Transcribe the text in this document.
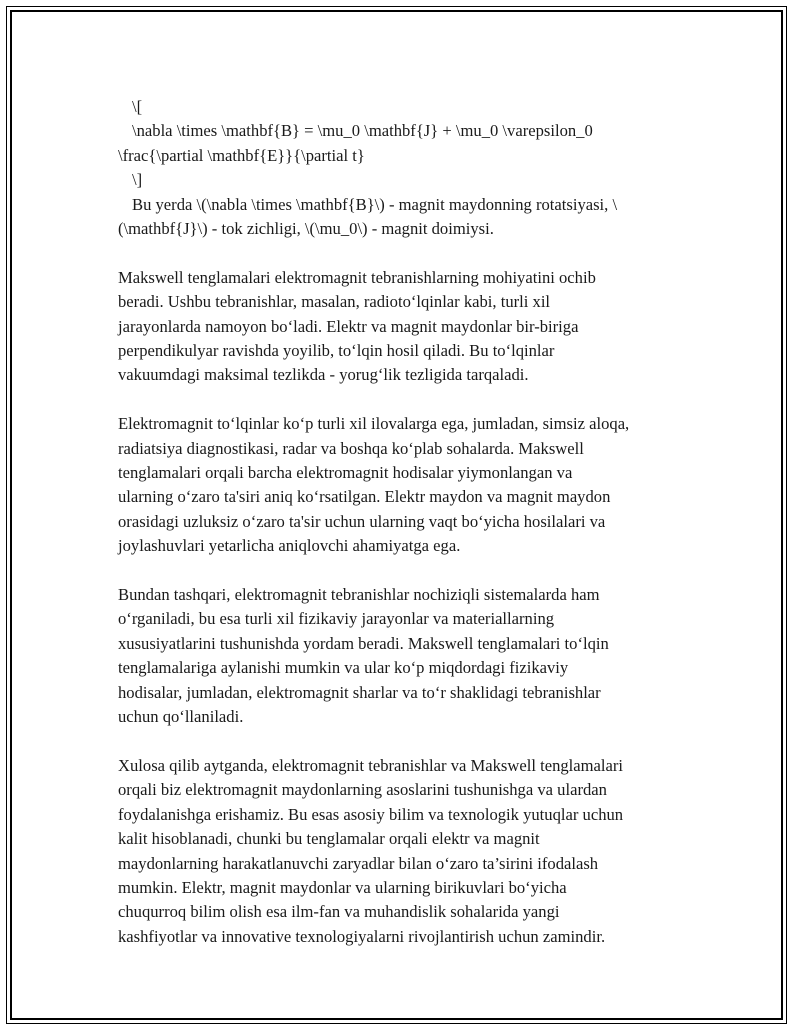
\[
\nabla \times \mathbf{B} = \mu_0 \mathbf{J} + \mu_0 \varepsilon_0
\frac{\partial \mathbf{E}}{\partial t}
\]
Bu yerda \(\nabla \times \mathbf{B}\) - magnit maydonning rotatsiyasi, \
(\mathbf{J}\) - tok zichligi, \(\mu_0\) - magnit doimiysi.
Makswell tenglamalari elektromagnit tebranishlarning mohiyatini ochib
beradi. Ushbu tebranishlar, masalan, radioto‘lqinlar kabi, turli xil
jarayonlarda namoyon bo‘ladi. Elektr va magnit maydonlar bir-biriga
perpendikulyar ravishda yoyilib, to‘lqin hosil qiladi. Bu to‘lqinlar
vakuumdagi maksimal tezlikda - yorug‘lik tezligida tarqaladi.
Elektromagnit to‘lqinlar ko‘p turli xil ilovalarga ega, jumladan, simsiz aloqa,
radiatsiya diagnostikasi, radar va boshqa ko‘plab sohalarda. Makswell
tenglamalari orqali barcha elektromagnit hodisalar yiymonlangan va
ularning o‘zaro ta'siri aniq ko‘rsatilgan. Elektr maydon va magnit maydon
orasidagi uzluksiz o‘zaro ta'sir uchun ularning vaqt bo‘yicha hosilalari va
joylashuvlari yetarlicha aniqlovchi ahamiyatga ega.
Bundan tashqari, elektromagnit tebranishlar nochiziqli sistemalarda ham
o‘rganiladi, bu esa turli xil fizikaviy jarayonlar va materiallarning
xususiyatlarini tushunishda yordam beradi. Makswell tenglamalari to‘lqin
tenglamalariga aylanishi mumkin va ular ko‘p miqdordagi fizikaviy
hodisalar, jumladan, elektromagnit sharlar va to‘r shaklidagi tebranishlar
uchun qo‘llaniladi.
Xulosa qilib aytganda, elektromagnit tebranishlar va Makswell tenglamalari
orqali biz elektromagnit maydonlarning asoslarini tushunishga va ulardan
foydalanishga erishamiz. Bu esas asosiy bilim va texnologik yutuqlar uchun
kalit hisoblanadi, chunki bu tenglamalar orqali elektr va magnit
maydonlarning harakatlanuvchi zaryadlar bilan o‘zaro ta’sirini ifodalash
mumkin. Elektr, magnit maydonlar va ularning birikuvlari bo‘yicha
chuqurroq bilim olish esa ilm-fan va muhandislik sohalarida yangi
kashfiyotlar va innovative texnologiyalarni rivojlantirish uchun zamindir.
